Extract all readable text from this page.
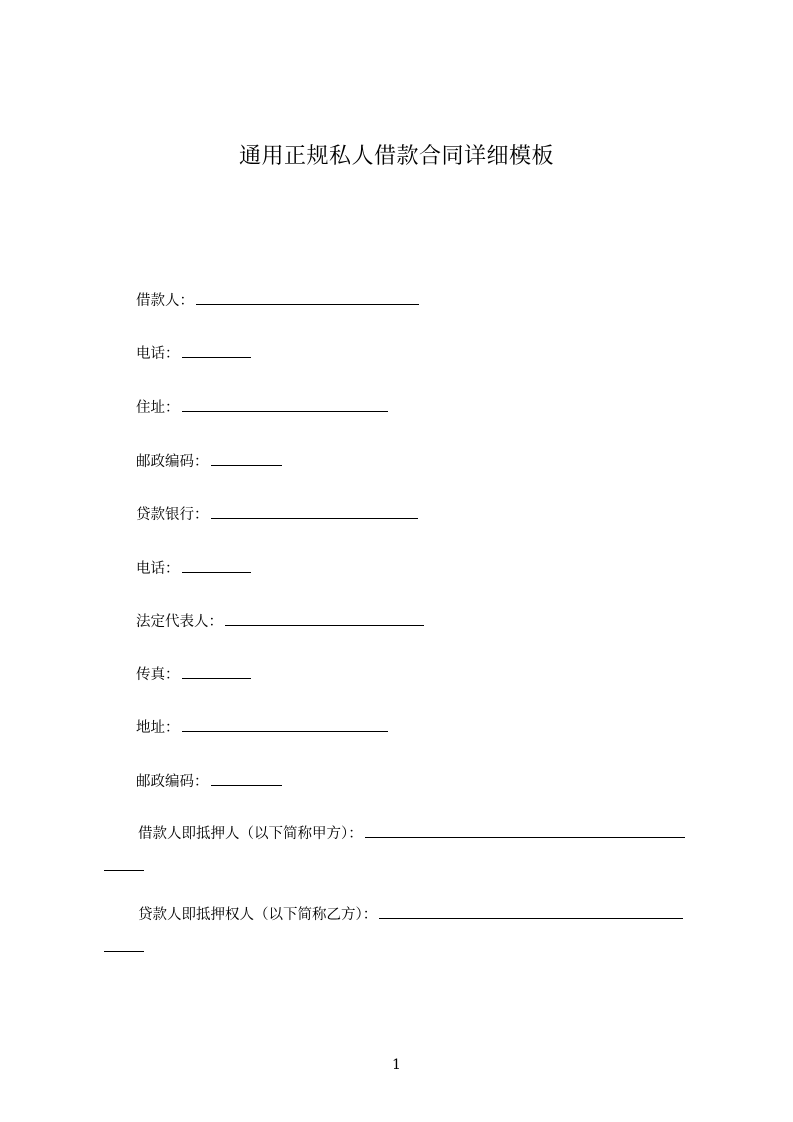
通用正规私人借款合同详细模板
借款人：
电话：
住址：
邮政编码：
贷款银行：
电话：
法定代表人：
传真：
地址：
邮政编码：
借款人即抵押人（以下简称甲方）：
贷款人即抵押权人（以下简称乙方）：
1
